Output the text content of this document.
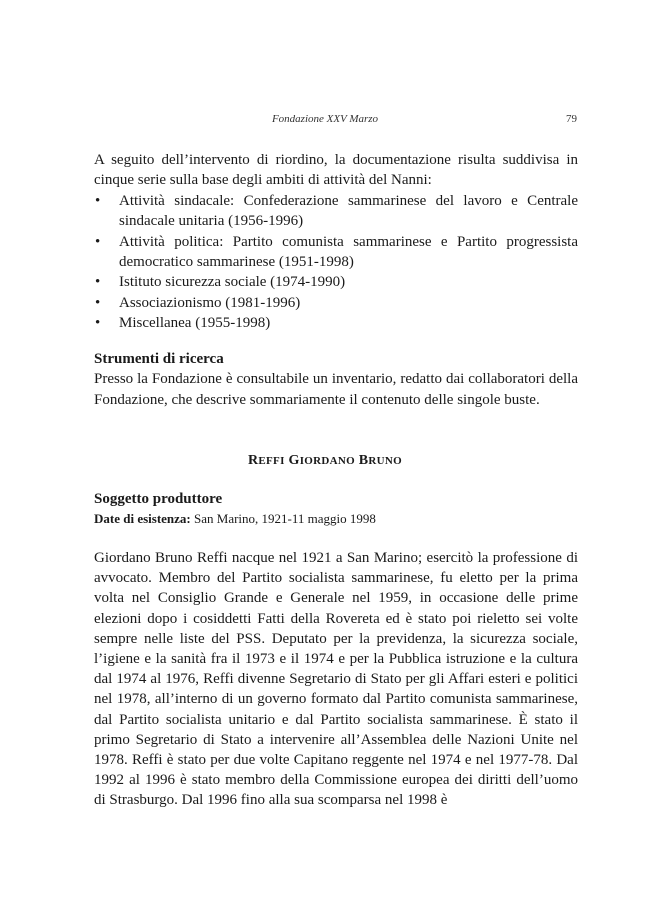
Fondazione XXV Marzo	79

A seguito dell’intervento di riordino, la documentazione risulta suddivisa in cinque serie sulla base degli ambiti di attività del Nanni:

• Attività sindacale: Confederazione sammarinese del lavoro e Centrale sindacale unitaria (1956-1996)
• Attività politica: Partito comunista sammarinese e Partito progressista democratico sammarinese (1951-1998)
• Istituto sicurezza sociale (1974-1990)
• Associazionismo (1981-1996)
• Miscellanea (1955-1998)

Strumenti di ricerca

Presso la Fondazione è consultabile un inventario, redatto dai collaboratori della Fondazione, che descrive sommariamente il contenuto delle singole buste.

REFFI GIORDANO BRUNO

Soggetto produttore

Date di esistenza: San Marino, 1921-11 maggio 1998

Giordano Bruno Reffi nacque nel 1921 a San Marino; esercitò la professione di avvocato. Membro del Partito socialista sammarinese, fu eletto per la prima volta nel Consiglio Grande e Generale nel 1959, in occasione delle prime elezioni dopo i cosiddetti Fatti della Rovereta ed è stato poi rieletto sei volte sempre nelle liste del PSS. Deputato per la previdenza, la sicurezza sociale, l’igiene e la sanità fra il 1973 e il 1974 e per la Pubblica istruzione e la cultura dal 1974 al 1976, Reffi divenne Segretario di Stato per gli Affari esteri e politici nel 1978, all’interno di un governo formato dal Partito comunista sammarinese, dal Partito socialista unitario e dal Partito socialista sammarinese. È stato il primo Segretario di Stato a intervenire all’Assemblea delle Nazioni Unite nel 1978. Reffi è stato per due volte Capitano reggente nel 1974 e nel 1977-78. Dal 1992 al 1996 è stato membro della Commissione europea dei diritti dell’uomo di Strasburgo. Dal 1996 fino alla sua scomparsa nel 1998 è
